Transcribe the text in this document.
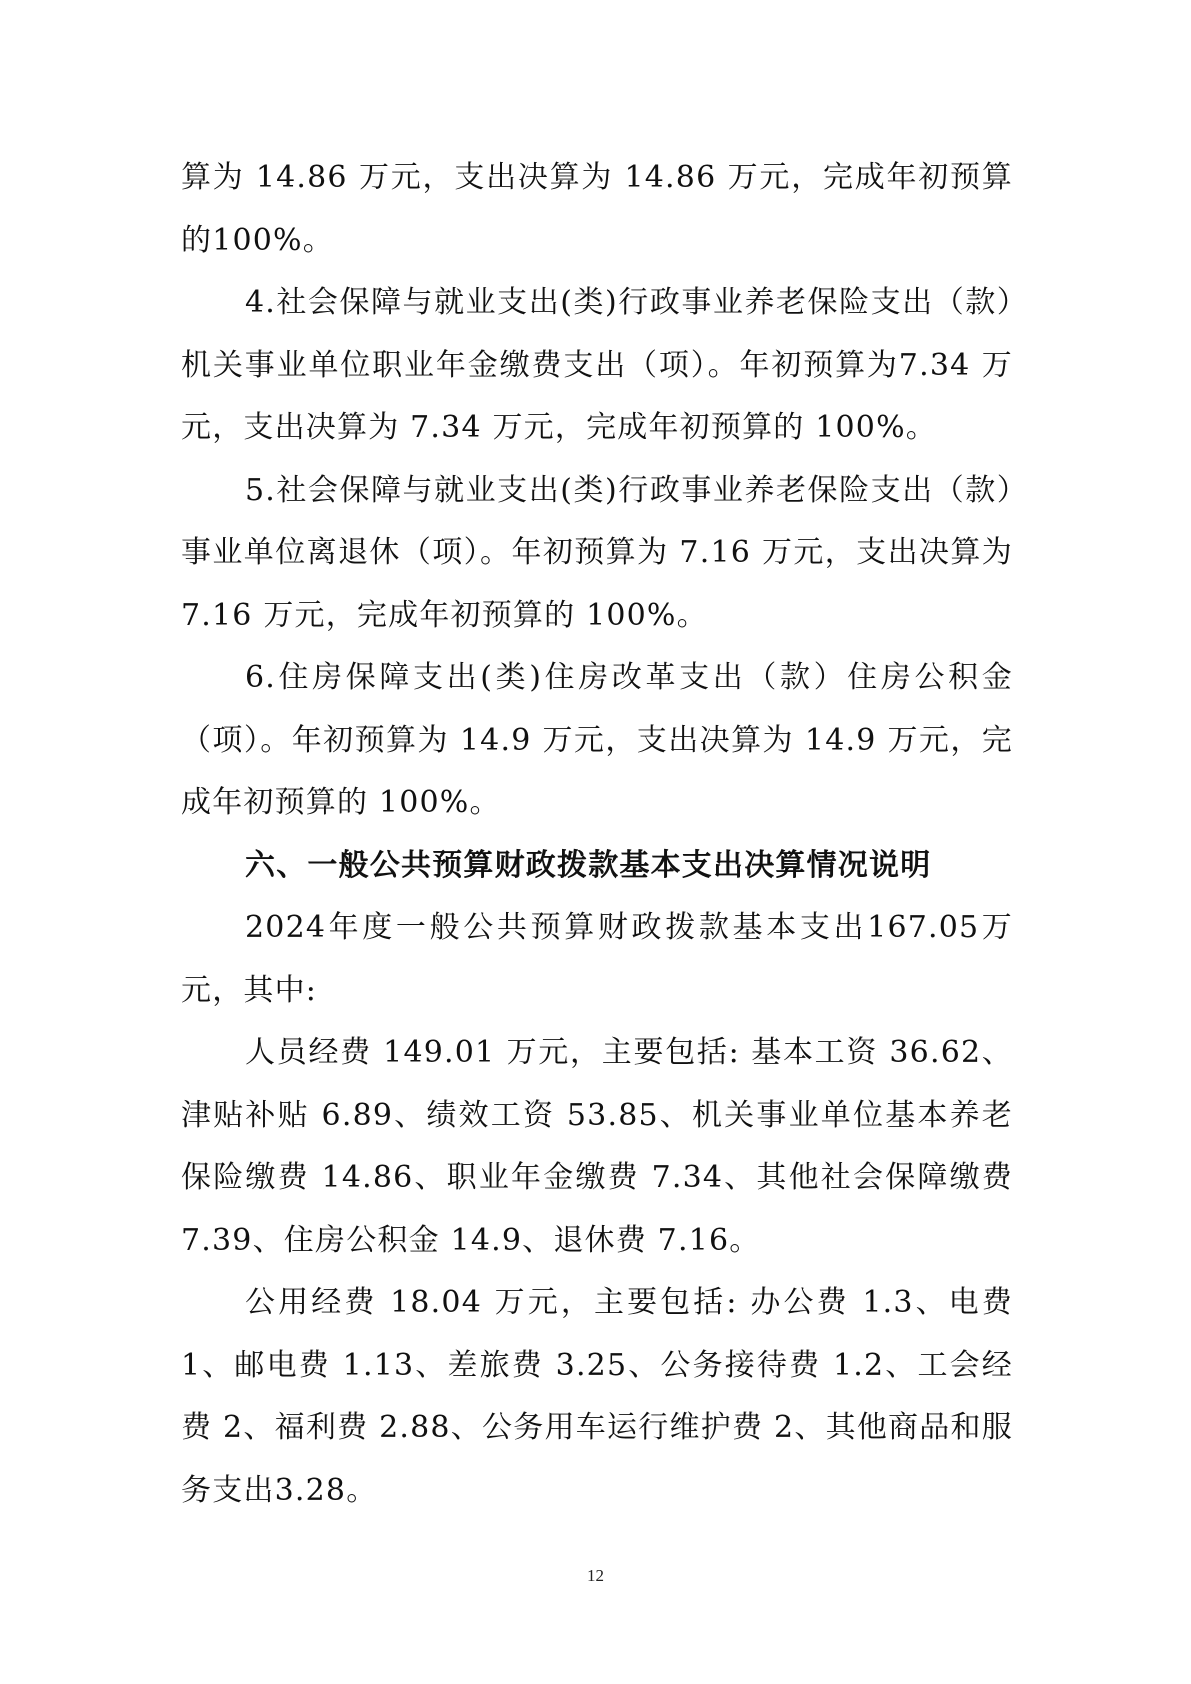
算为 14.86 万元，支出决算为 14.86 万元，完成年初预算的100%。

4.社会保障与就业支出(类)行政事业养老保险支出（款）机关事业单位职业年金缴费支出（项）。年初预算为7.34 万元，支出决算为 7.34 万元，完成年初预算的 100%。

5.社会保障与就业支出(类)行政事业养老保险支出（款）事业单位离退休（项）。年初预算为 7.16 万元，支出决算为 7.16 万元，完成年初预算的 100%。

6.住房保障支出(类)住房改革支出（款）住房公积金（项）。年初预算为 14.9 万元，支出决算为 14.9 万元，完成年初预算的 100%。

六、一般公共预算财政拨款基本支出决算情况说明

2024年度一般公共预算财政拨款基本支出167.05万元，其中:

人员经费 149.01 万元，主要包括: 基本工资 36.62、津贴补贴 6.89、绩效工资 53.85、机关事业单位基本养老保险缴费 14.86、职业年金缴费 7.34、其他社会保障缴费 7.39、住房公积金 14.9、退休费 7.16。

公用经费 18.04 万元，主要包括: 办公费 1.3、电费 1、邮电费 1.13、差旅费 3.25、公务接待费 1.2、工会经费 2、福利费 2.88、公务用车运行维护费 2、其他商品和服务支出3.28。

12
